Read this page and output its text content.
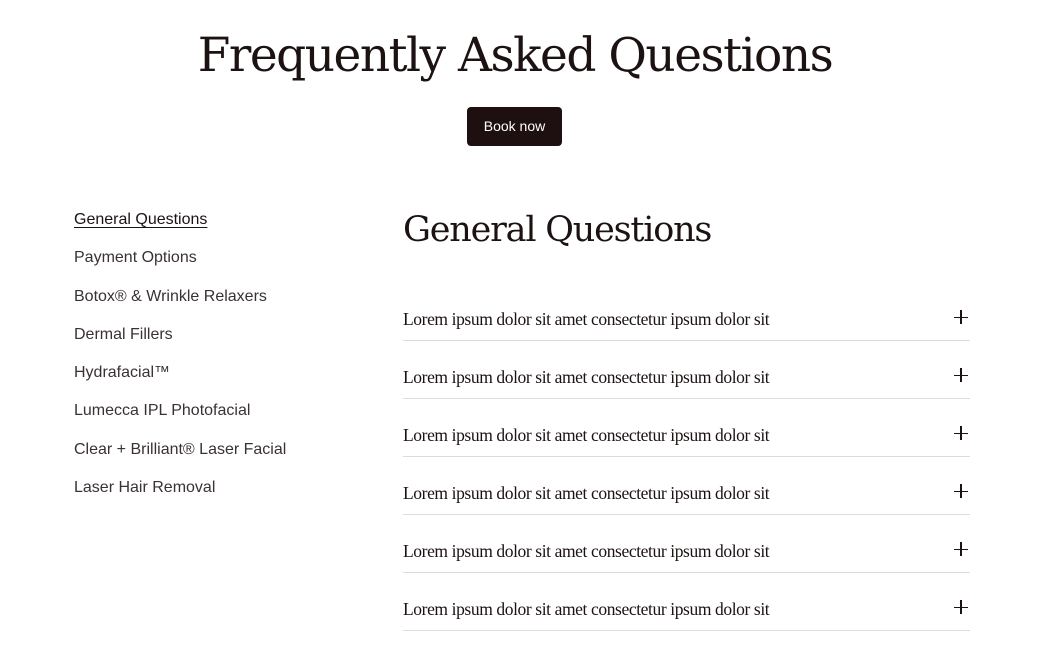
Frequently Asked Questions
Book now
General Questions
Payment Options
Botox® & Wrinkle Relaxers
Dermal Fillers
Hydrafacial™
Lumecca IPL Photofacial
Clear + Brilliant® Laser Facial
Laser Hair Removal
General Questions
Lorem ipsum dolor sit amet consectetur ipsum dolor sit
Lorem ipsum dolor sit amet consectetur ipsum dolor sit
Lorem ipsum dolor sit amet consectetur ipsum dolor sit
Lorem ipsum dolor sit amet consectetur ipsum dolor sit
Lorem ipsum dolor sit amet consectetur ipsum dolor sit
Lorem ipsum dolor sit amet consectetur ipsum dolor sit
